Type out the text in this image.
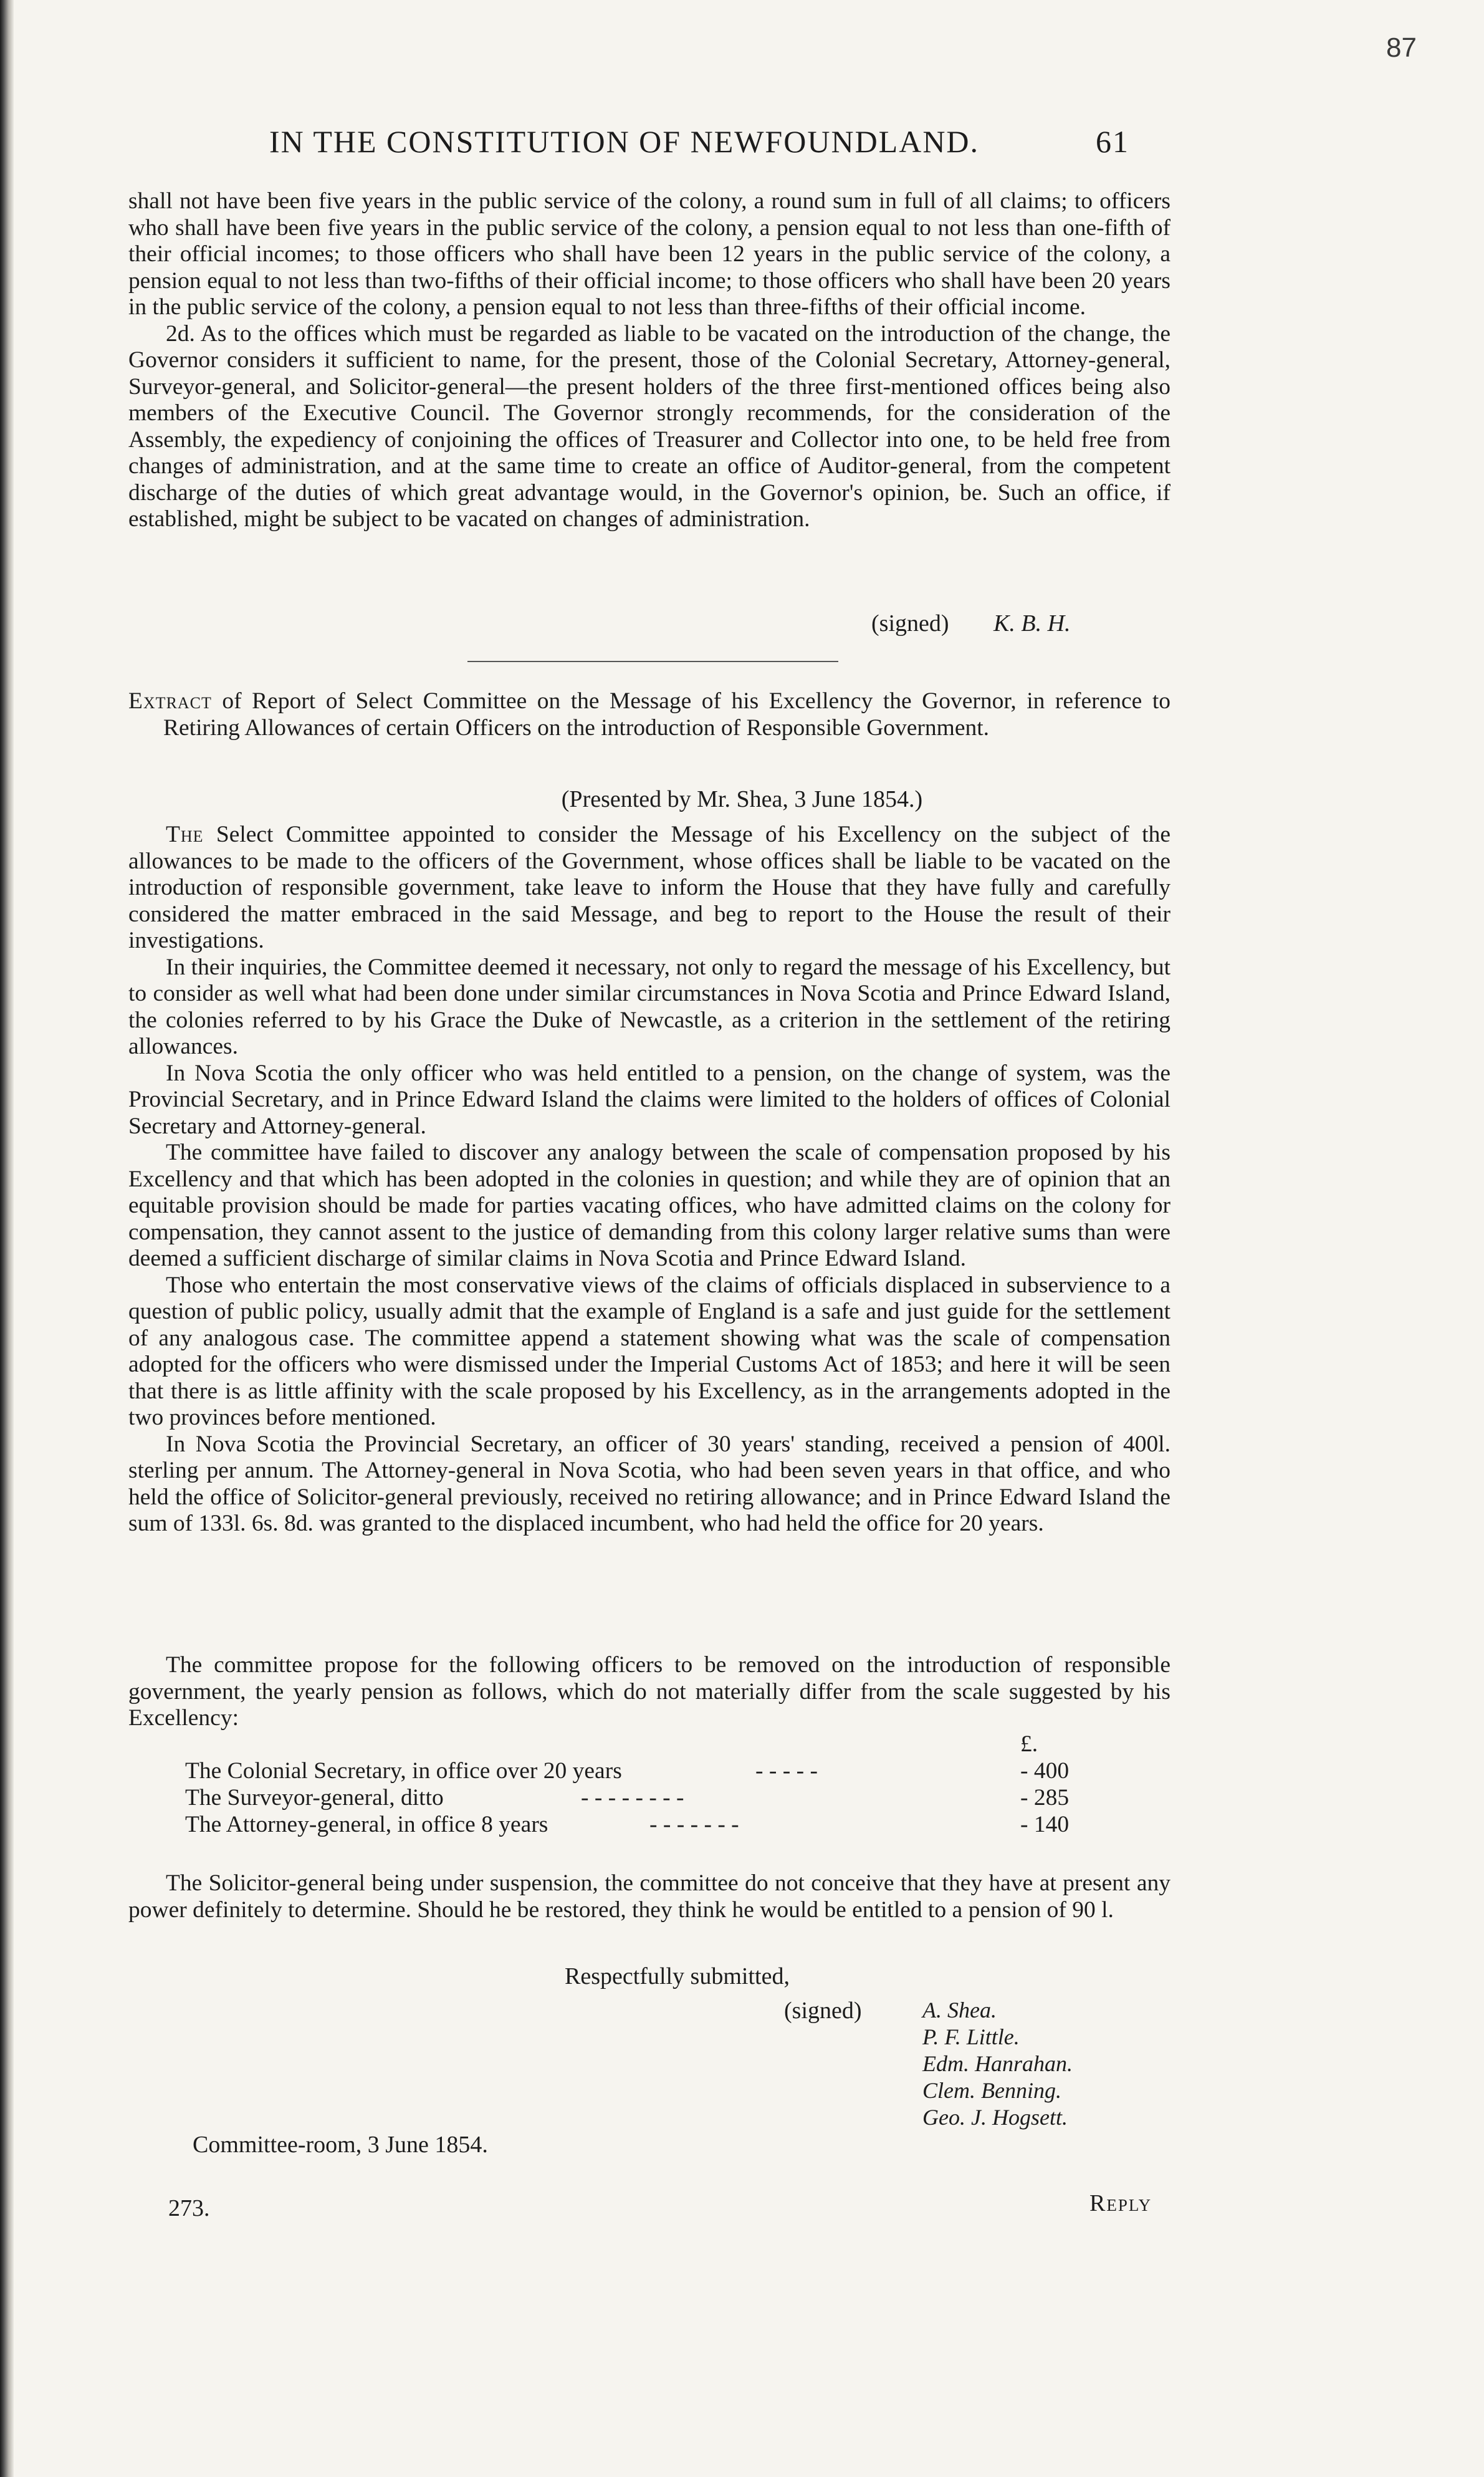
87
IN THE CONSTITUTION OF NEWFOUNDLAND.	61

shall not have been five years in the public service of the colony, a round sum in full of all claims; to officers who shall have been five years in the public service of the colony, a pension equal to not less than one-fifth of their official incomes; to those officers who shall have been 12 years in the public service of the colony, a pension equal to not less than two-fifths of their official income; to those officers who shall have been 20 years in the public service of the colony, a pension equal to not less than three-fifths of their official income.

2d. As to the offices which must be regarded as liable to be vacated on the introduction of the change, the Governor considers it sufficient to name, for the present, those of the Colonial Secretary, Attorney-general, Surveyor-general, and Solicitor-general—the present holders of the three first-mentioned offices being also members of the Executive Council. The Governor strongly recommends, for the consideration of the Assembly, the expediency of conjoining the offices of Treasurer and Collector into one, to be held free from changes of administration, and at the same time to create an office of Auditor-general, from the competent discharge of the duties of which great advantage would, in the Governor's opinion, be. Such an office, if established, might be subject to be vacated on changes of administration.

(signed) K. B. H.

Extract of Report of Select Committee on the Message of his Excellency the Governor, in reference to Retiring Allowances of certain Officers on the introduction of Responsible Government.

(Presented by Mr. Shea, 3 June 1854.)

The Select Committee appointed to consider the Message of his Excellency on the subject of the allowances to be made to the officers of the Government, whose offices shall be liable to be vacated on the introduction of responsible government, take leave to inform the House that they have fully and carefully considered the matter embraced in the said Message, and beg to report to the House the result of their investigations.

In their inquiries, the Committee deemed it necessary, not only to regard the message of his Excellency, but to consider as well what had been done under similar circumstances in Nova Scotia and Prince Edward Island, the colonies referred to by his Grace the Duke of Newcastle, as a criterion in the settlement of the retiring allowances.

In Nova Scotia the only officer who was held entitled to a pension, on the change of system, was the Provincial Secretary, and in Prince Edward Island the claims were limited to the holders of offices of Colonial Secretary and Attorney-general.

The committee have failed to discover any analogy between the scale of compensation proposed by his Excellency and that which has been adopted in the colonies in question; and while they are of opinion that an equitable provision should be made for parties vacating offices, who have admitted claims on the colony for compensation, they cannot assent to the justice of demanding from this colony larger relative sums than were deemed a sufficient discharge of similar claims in Nova Scotia and Prince Edward Island.

Those who entertain the most conservative views of the claims of officials displaced in subservience to a question of public policy, usually admit that the example of England is a safe and just guide for the settlement of any analogous case. The committee append a statement showing what was the scale of compensation adopted for the officers who were dismissed under the Imperial Customs Act of 1853; and here it will be seen that there is as little affinity with the scale proposed by his Excellency, as in the arrangements adopted in the two provinces before mentioned.

In Nova Scotia the Provincial Secretary, an officer of 30 years' standing, received a pension of 400l. sterling per annum. The Attorney-general in Nova Scotia, who had been seven years in that office, and who held the office of Solicitor-general previously, received no retiring allowance; and in Prince Edward Island the sum of 133l. 6s. 8d. was granted to the displaced incumbent, who had held the office for 20 years.

The committee propose for the following officers to be removed on the introduction of responsible government, the yearly pension as follows, which do not materially differ from the scale suggested by his Excellency:

£.
The Colonial Secretary, in office over 20 years	- - - - -	- 400
The Surveyor-general, ditto	- - - - - - - -	- 285
The Attorney-general, in office 8 years	- - - - - - -	- 140

The Solicitor-general being under suspension, the committee do not conceive that they have at present any power definitely to determine. Should he be restored, they think he would be entitled to a pension of 90 l.

Respectfully submitted,
(signed)	A. Shea.
P. F. Little.
Edm. Hanrahan.
Clem. Benning.
Geo. J. Hogsett.
Committee-room, 3 June 1854.
273.	Reply
